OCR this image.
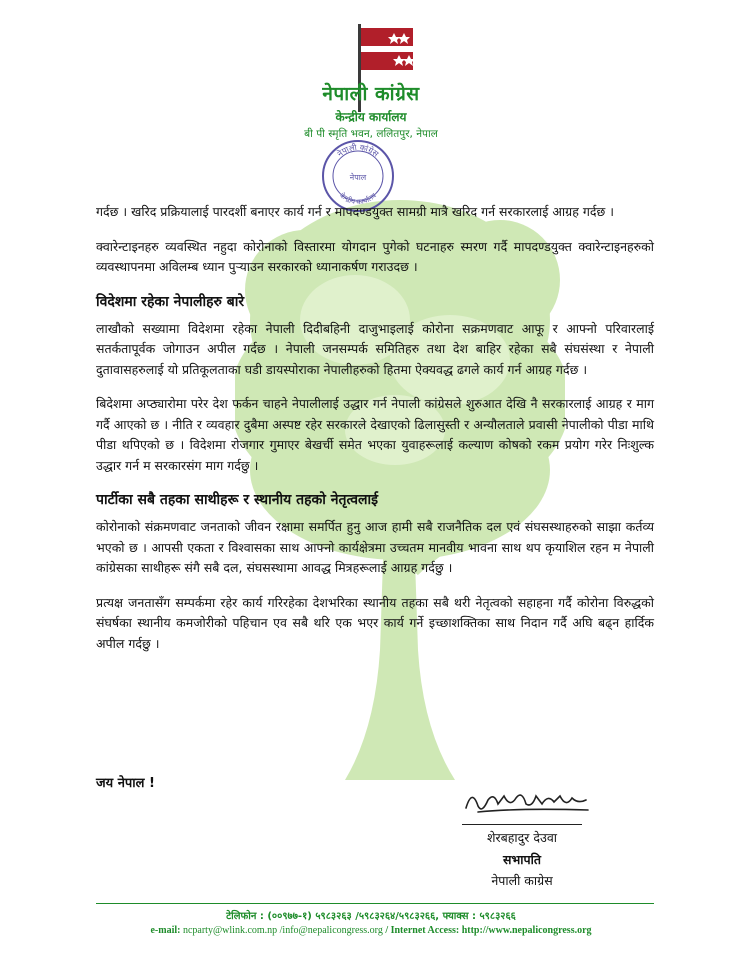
नेपाली कांग्रेस
केन्द्रीय कार्यालय
बी पी स्मृति भवन, ललितपुर, नेपाल
नेपाली कांग्रेस
नेपाल
केन्द्रीय कार्यालय

गर्दछ । खरिद प्रक्रियालाई पारदर्शी बनाएर कार्य गर्न र मापदण्डयुक्त सामग्री मात्रै खरिद गर्न सरकारलाई आग्रह गर्दछ ।

क्वारेन्टाइनहरु व्यवस्थित नहुदा कोरोनाको विस्तारमा योगदान पुगेको घटनाहरु स्मरण गर्दै मापदण्डयुक्त क्वारेन्टाइनहरुको व्यवस्थापनमा अविलम्ब ध्यान पुऱ्याउन सरकारको ध्यानाकर्षण गराउदछ ।

विदेशमा रहेका नेपालीहरु बारे

लाखौको सख्यामा विदेशमा रहेका नेपाली दिदीबहिनी दाजुभाइलाई कोरोना सक्रमणवाट आफू र आफ्नो परिवारलाई सतर्कतापूर्वक जोगाउन अपील गर्दछ । नेपाली जनसम्पर्क समितिहरु तथा देश बाहिर रहेका सबै संघसंस्था र नेपाली दुतावासहरुलाई यो प्रतिकूलताका घडी डायस्पोराका नेपालीहरुको हितमा ऐक्यवद्ध ढगले कार्य गर्न आग्रह गर्दछ ।

बिदेशमा अप्ठ्यारोमा परेर देश फर्कन चाहने नेपालीलाई उद्धार गर्न नेपाली कांग्रेसले शुरुआत देखि नै सरकारलाई आग्रह र माग गर्दै आएको छ । नीति र व्यवहार दुबैमा अस्पष्ट रहेर सरकारले देखाएको ढिलासुस्ती र अन्यौलताले प्रवासी नेपालीको पीडा माथि पीडा थपिएको छ । विदेशमा रोजगार गुमाएर बेखर्ची समेत भएका युवाहरूलाई कल्याण कोषको रकम प्रयोग गरेर निःशुल्क उद्धार गर्न म सरकारसंग माग गर्दछु ।

पार्टीका सबै तहका साथीहरू र स्थानीय तहको नेतृत्वलाई

कोरोनाको संक्रमणवाट जनताको जीवन रक्षामा समर्पित हुनु आज हामी सबै राजनैतिक दल एवं संघसस्थाहरुको साझा कर्तव्य भएको छ । आपसी एकता र विश्वासका साथ आफ्नो कार्यक्षेत्रमा उच्चतम मानवीय भावना साथ थप कृयाशिल रहन म नेपाली कांग्रेसका साथीहरू संगै सबै दल, संघसस्थामा आवद्ध मित्रहरूलाई आग्रह गर्दछु ।

प्रत्यक्ष जनतासँग सम्पर्कमा रहेर कार्य गरिरहेका देशभरिका स्थानीय तहका सबै थरी नेतृत्वको सहाहना गर्दै कोरोना विरुद्धको संघर्षका स्थानीय कमजोरीको पहिचान एव सबै थरि एक भएर कार्य गर्ने इच्छाशक्तिका साथ निदान गर्दै अघि बढ्न हार्दिक अपील गर्दछु ।

जय नेपाल !
शेरबहादुर देउवा
सभापति
नेपाली काग्रेस
टेलिफोन : (००९७७-१) ५९८३२६३ /५९८३२६४/५९८३२६६, फ्याक्स : ५९८३२६६
e-mail: ncparty@wlink.com.np /info@nepalicongress.org / Internet Access: http://www.nepalicongress.org
